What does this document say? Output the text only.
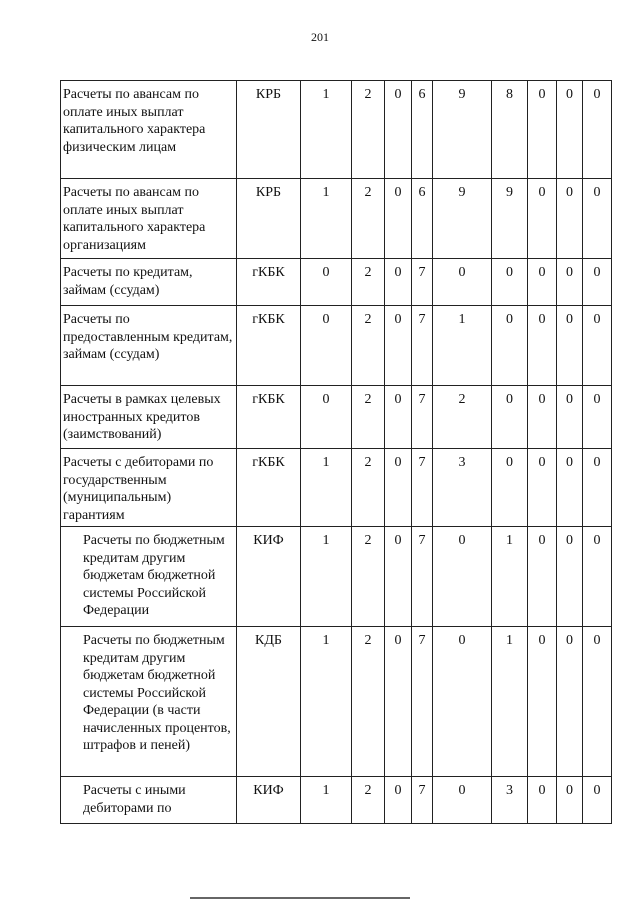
201
Расчеты по авансам по оплате иных выплат капитального характера физическим лицам	КРБ	1	2	0	6	9	8	0	0	0
Расчеты по авансам по оплате иных выплат капитального характера организациям	КРБ	1	2	0	6	9	9	0	0	0
Расчеты по кредитам, займам (ссудам)	гКБК	0	2	0	7	0	0	0	0	0
Расчеты по предоставленным кредитам, займам (ссудам)	гКБК	0	2	0	7	1	0	0	0	0
Расчеты в рамках целевых иностранных кредитов (заимствований)	гКБК	0	2	0	7	2	0	0	0	0
Расчеты с дебиторами по государственным (муниципальным) гарантиям	гКБК	1	2	0	7	3	0	0	0	0
Расчеты по бюджетным кредитам другим бюджетам бюджетной системы Российской Федерации	КИФ	1	2	0	7	0	1	0	0	0
Расчеты по бюджетным кредитам другим бюджетам бюджетной системы Российской Федерации (в части начисленных процентов, штрафов и пеней)	КДБ	1	2	0	7	0	1	0	0	0
Расчеты с иными дебиторами по	КИФ	1	2	0	7	0	3	0	0	0
